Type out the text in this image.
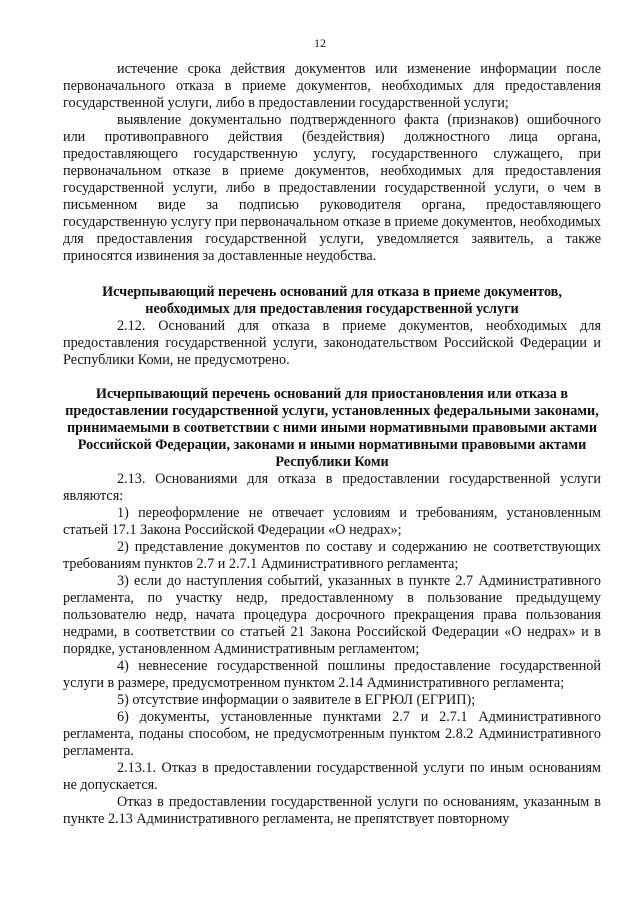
12

истечение срока действия документов или изменение информации после первоначального отказа в приеме документов, необходимых для предоставления государственной услуги, либо в предоставлении государственной услуги;

выявление документально подтвержденного факта (признаков) ошибочного или противоправного действия (бездействия) должностного лица органа, предоставляющего государственную услугу, государственного служащего, при первоначальном отказе в приеме документов, необходимых для предоставления государственной услуги, либо в предоставлении государственной услуги, о чем в письменном виде за подписью руководителя органа, предоставляющего государственную услугу при первоначальном отказе в приеме документов, необходимых для предоставления государственной услуги, уведомляется заявитель, а также приносятся извинения за доставленные неудобства.

Исчерпывающий перечень оснований для отказа в приеме документов, необходимых для предоставления государственной услуги

2.12. Оснований для отказа в приеме документов, необходимых для предоставления государственной услуги, законодательством Российской Федерации и Республики Коми, не предусмотрено.

Исчерпывающий перечень оснований для приостановления или отказа в предоставлении государственной услуги, установленных федеральными законами, принимаемыми в соответствии с ними иными нормативными правовыми актами Российской Федерации, законами и иными нормативными правовыми актами Республики Коми

2.13. Основаниями для отказа в предоставлении государственной услуги являются:

1) переоформление не отвечает условиям и требованиям, установленным статьей 17.1 Закона Российской Федерации «О недрах»;

2) представление документов по составу и содержанию не соответствующих требованиям пунктов 2.7 и 2.7.1 Административного регламента;

3) если до наступления событий, указанных в пункте 2.7 Административного регламента, по участку недр, предоставленному в пользование предыдущему пользователю недр, начата процедура досрочного прекращения права пользования недрами, в соответствии со статьей 21 Закона Российской Федерации «О недрах» и в порядке, установленном Административным регламентом;

4) невнесение государственной пошлины предоставление государственной услуги в размере, предусмотренном пунктом 2.14 Административного регламента;

5) отсутствие информации о заявителе в ЕГРЮЛ (ЕГРИП);

6) документы, установленные пунктами 2.7 и 2.7.1 Административного регламента, поданы способом, не предусмотренным пунктом 2.8.2 Административного регламента.

2.13.1. Отказ в предоставлении государственной услуги по иным основаниям не допускается.

Отказ в предоставлении государственной услуги по основаниям, указанным в пункте 2.13 Административного регламента, не препятствует повторному
